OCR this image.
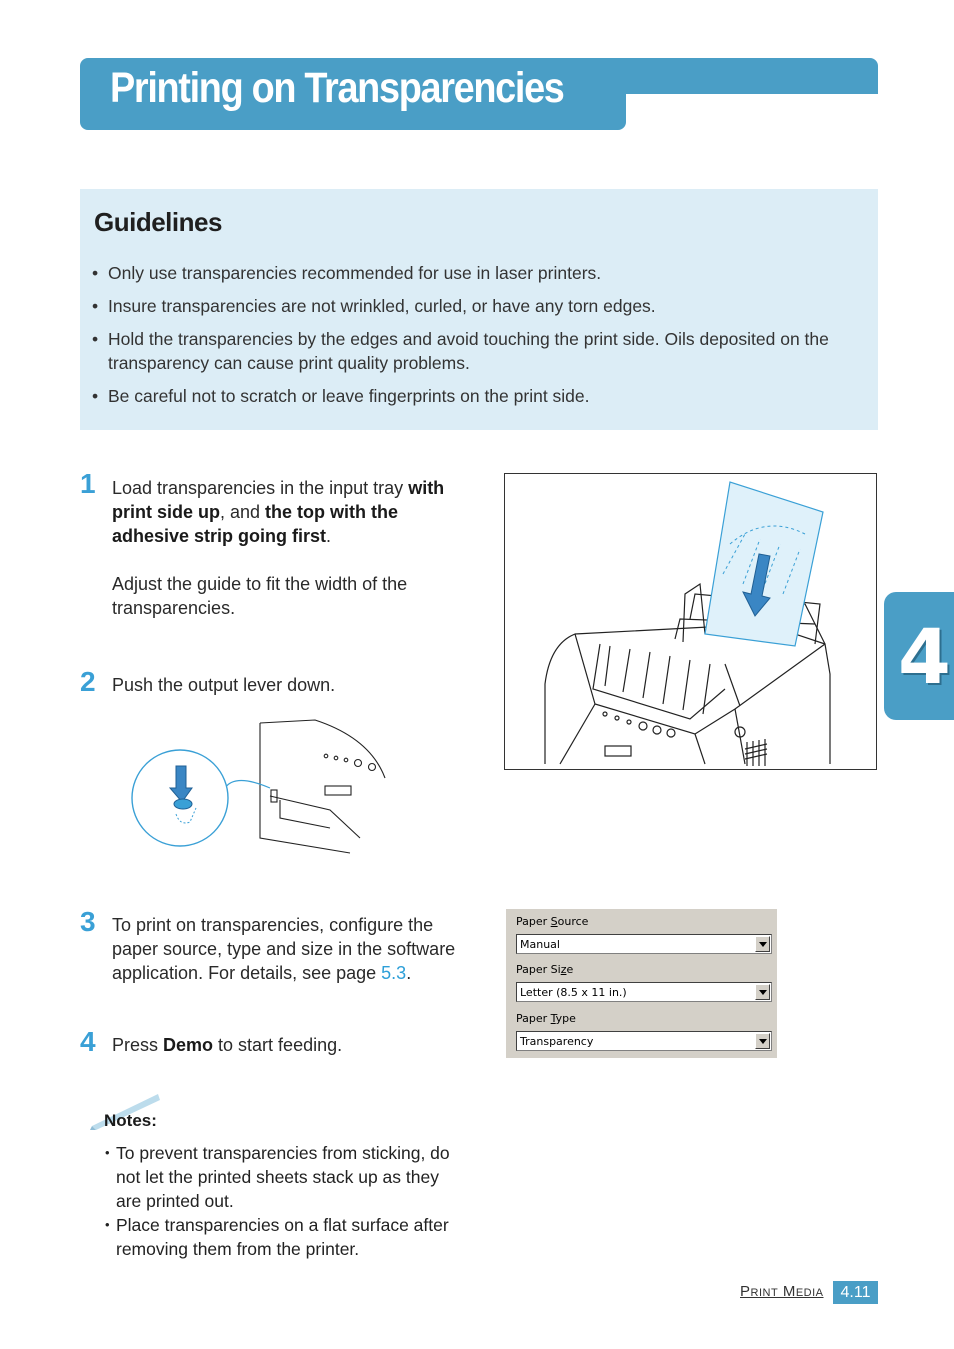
Printing on Transparencies
Guidelines
• Only use transparencies recommended for use in laser printers.
• Insure transparencies are not wrinkled, curled, or have any torn edges.
• Hold the transparencies by the edges and avoid touching the print side. Oils deposited on the transparency can cause print quality problems.
• Be careful not to scratch or leave fingerprints on the print side.
1 Load transparencies in the input tray with print side up, and the top with the adhesive strip going first.
Adjust the guide to fit the width of the transparencies.
2 Push the output lever down.
3 To print on transparencies, configure the paper source, type and size in the software application. For details, see page 5.3.
4 Press Demo to start feeding.
Paper Source
Manual
Paper Size
Letter (8.5 x 11 in.)
Paper Type
Transparency
Notes:
• To prevent transparencies from sticking, do not let the printed sheets stack up as they are printed out.
• Place transparencies on a flat surface after removing them from the printer.
4
Print Media	4.11
